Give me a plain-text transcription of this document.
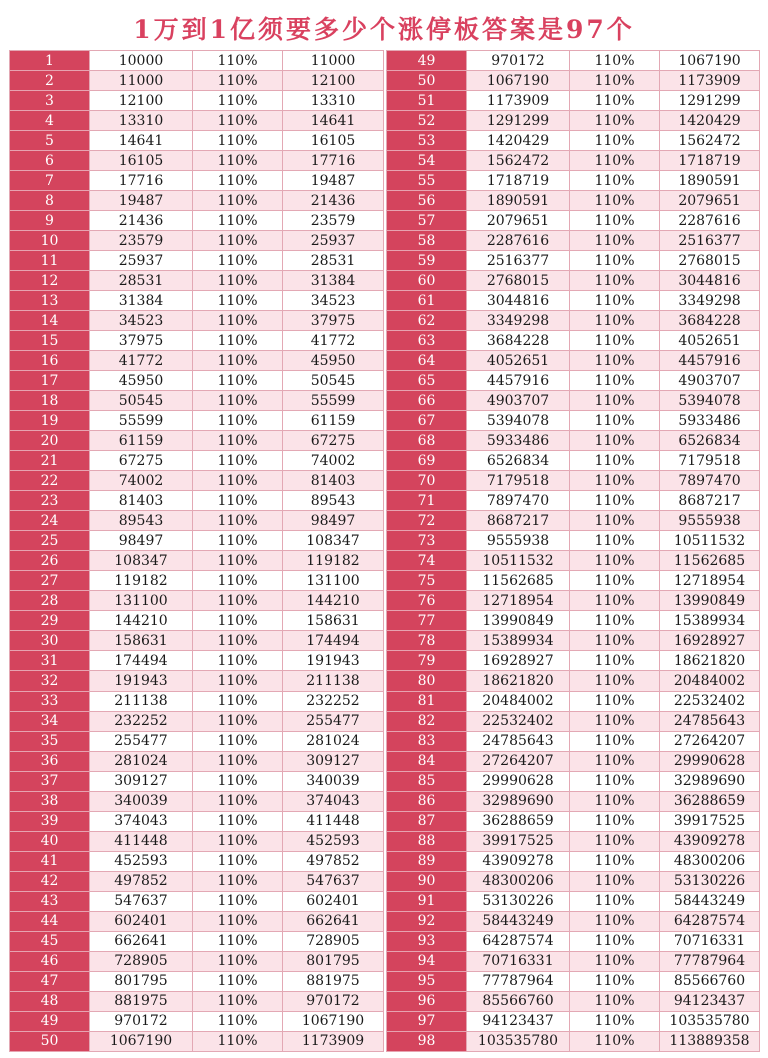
1万到1亿须要多少个涨停板答案是97个
1	10000	110%	11000
2	11000	110%	12100
3	12100	110%	13310
4	13310	110%	14641
5	14641	110%	16105
6	16105	110%	17716
7	17716	110%	19487
8	19487	110%	21436
9	21436	110%	23579
10	23579	110%	25937
11	25937	110%	28531
12	28531	110%	31384
13	31384	110%	34523
14	34523	110%	37975
15	37975	110%	41772
16	41772	110%	45950
17	45950	110%	50545
18	50545	110%	55599
19	55599	110%	61159
20	61159	110%	67275
21	67275	110%	74002
22	74002	110%	81403
23	81403	110%	89543
24	89543	110%	98497
25	98497	110%	108347
26	108347	110%	119182
27	119182	110%	131100
28	131100	110%	144210
29	144210	110%	158631
30	158631	110%	174494
31	174494	110%	191943
32	191943	110%	211138
33	211138	110%	232252
34	232252	110%	255477
35	255477	110%	281024
36	281024	110%	309127
37	309127	110%	340039
38	340039	110%	374043
39	374043	110%	411448
40	411448	110%	452593
41	452593	110%	497852
42	497852	110%	547637
43	547637	110%	602401
44	602401	110%	662641
45	662641	110%	728905
46	728905	110%	801795
47	801795	110%	881975
48	881975	110%	970172
49	970172	110%	1067190
50	1067190	110%	1173909
49	970172	110%	1067190
50	1067190	110%	1173909
51	1173909	110%	1291299
52	1291299	110%	1420429
53	1420429	110%	1562472
54	1562472	110%	1718719
55	1718719	110%	1890591
56	1890591	110%	2079651
57	2079651	110%	2287616
58	2287616	110%	2516377
59	2516377	110%	2768015
60	2768015	110%	3044816
61	3044816	110%	3349298
62	3349298	110%	3684228
63	3684228	110%	4052651
64	4052651	110%	4457916
65	4457916	110%	4903707
66	4903707	110%	5394078
67	5394078	110%	5933486
68	5933486	110%	6526834
69	6526834	110%	7179518
70	7179518	110%	7897470
71	7897470	110%	8687217
72	8687217	110%	9555938
73	9555938	110%	10511532
74	10511532	110%	11562685
75	11562685	110%	12718954
76	12718954	110%	13990849
77	13990849	110%	15389934
78	15389934	110%	16928927
79	16928927	110%	18621820
80	18621820	110%	20484002
81	20484002	110%	22532402
82	22532402	110%	24785643
83	24785643	110%	27264207
84	27264207	110%	29990628
85	29990628	110%	32989690
86	32989690	110%	36288659
87	36288659	110%	39917525
88	39917525	110%	43909278
89	43909278	110%	48300206
90	48300206	110%	53130226
91	53130226	110%	58443249
92	58443249	110%	64287574
93	64287574	110%	70716331
94	70716331	110%	77787964
95	77787964	110%	85566760
96	85566760	110%	94123437
97	94123437	110%	103535780
98	103535780	110%	113889358
